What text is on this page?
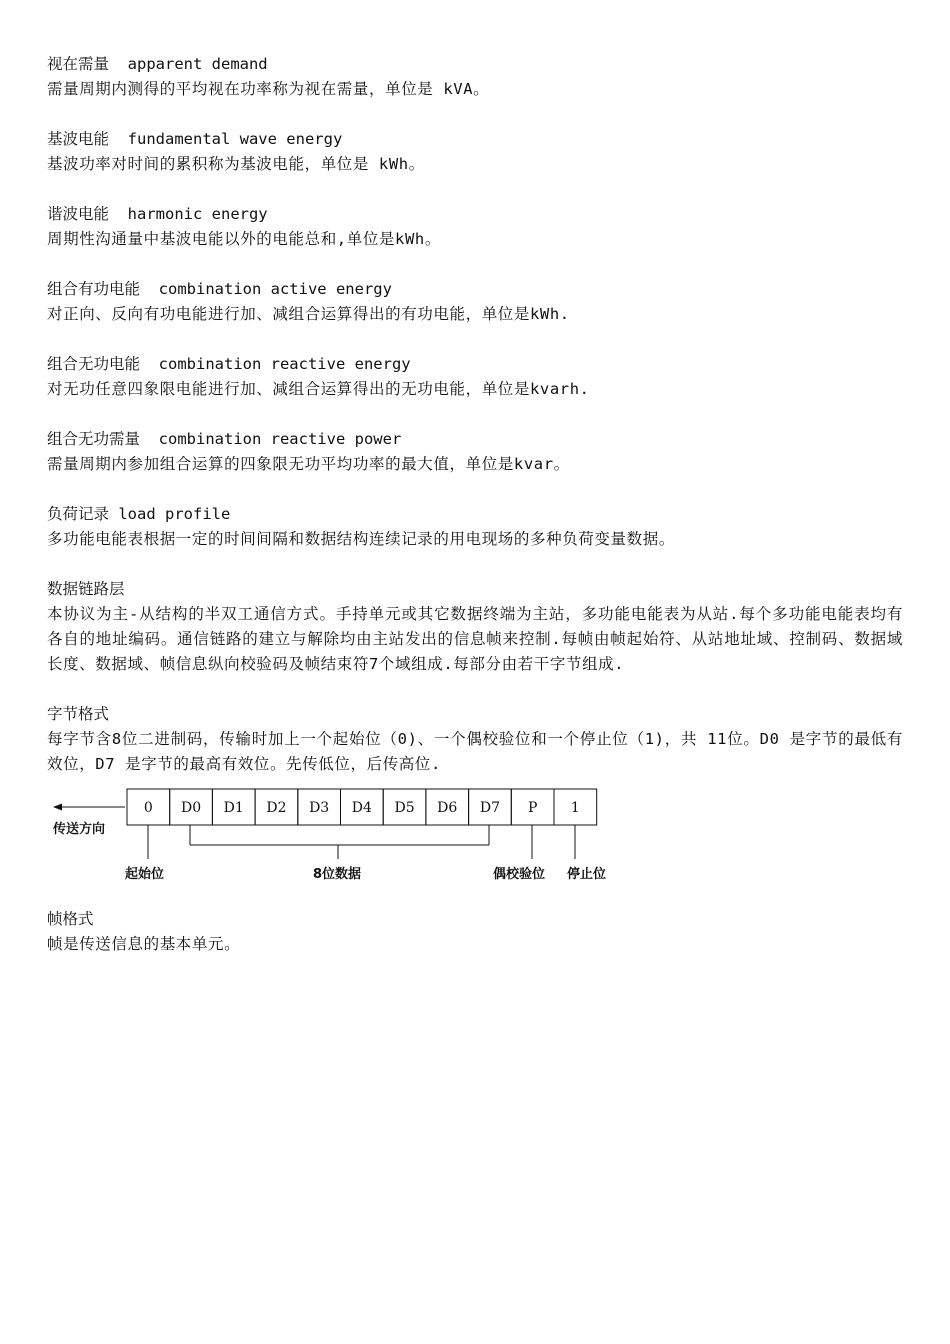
视在需量  apparent demand
需量周期内测得的平均视在功率称为视在需量，单位是 kVA。
基波电能  fundamental wave energy
基波功率对时间的累积称为基波电能，单位是 kWh。
谐波电能  harmonic energy
周期性沟通量中基波电能以外的电能总和,单位是kWh。
组合有功电能  combination active energy
对正向、反向有功电能进行加、减组合运算得出的有功电能，单位是kWh.
组合无功电能  combination reactive energy
对无功任意四象限电能进行加、减组合运算得出的无功电能，单位是kvarh.
组合无功需量  combination reactive power
需量周期内参加组合运算的四象限无功平均功率的最大值，单位是kvar。
负荷记录 load profile
多功能电能表根据一定的时间间隔和数据结构连续记录的用电现场的多种负荷变量数据。
数据链路层
本协议为主-从结构的半双工通信方式。手持单元或其它数据终端为主站，多功能电能表为从站.每个多功能电能表均有各自的地址编码。通信链路的建立与解除均由主站发出的信息帧来控制.每帧由帧起始符、从站地址域、控制码、数据域长度、数据域、帧信息纵向校验码及帧结束符7个域组成.每部分由若干字节组成.
字节格式
每字节含8位二进制码，传输时加上一个起始位（0)、一个偶校验位和一个停止位（1)，共 11位。D0 是字节的最低有效位，D7 是字节的最高有效位。先传低位，后传高位.
0 D0 D1 D2 D3 D4 D5 D6 D7 P 1
传送方向
起始位	8位数据	偶校验位 停止位
帧格式
帧是传送信息的基本单元。
